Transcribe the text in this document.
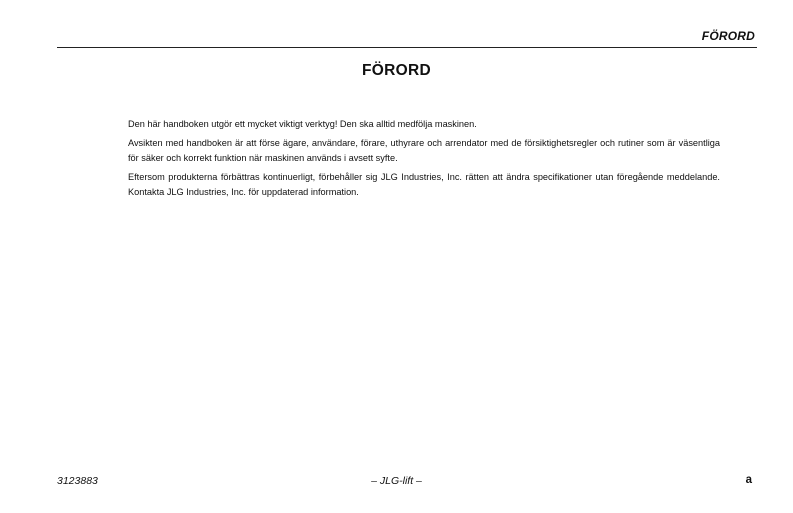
FÖRORD
FÖRORD

Den här handboken utgör ett mycket viktigt verktyg! Den ska alltid medfölja maskinen.

Avsikten med handboken är att förse ägare, användare, förare, uthyrare och arrendator med de försiktighetsregler och rutiner som är väsentliga för säker och korrekt funktion när maskinen används i avsett syfte.

Eftersom produkterna förbättras kontinuerligt, förbehåller sig JLG Industries, Inc. rätten att ändra specifikationer utan föregående meddelande. Kontakta JLG Industries, Inc. för uppdaterad information.

3123883	– JLG-lift –	a
